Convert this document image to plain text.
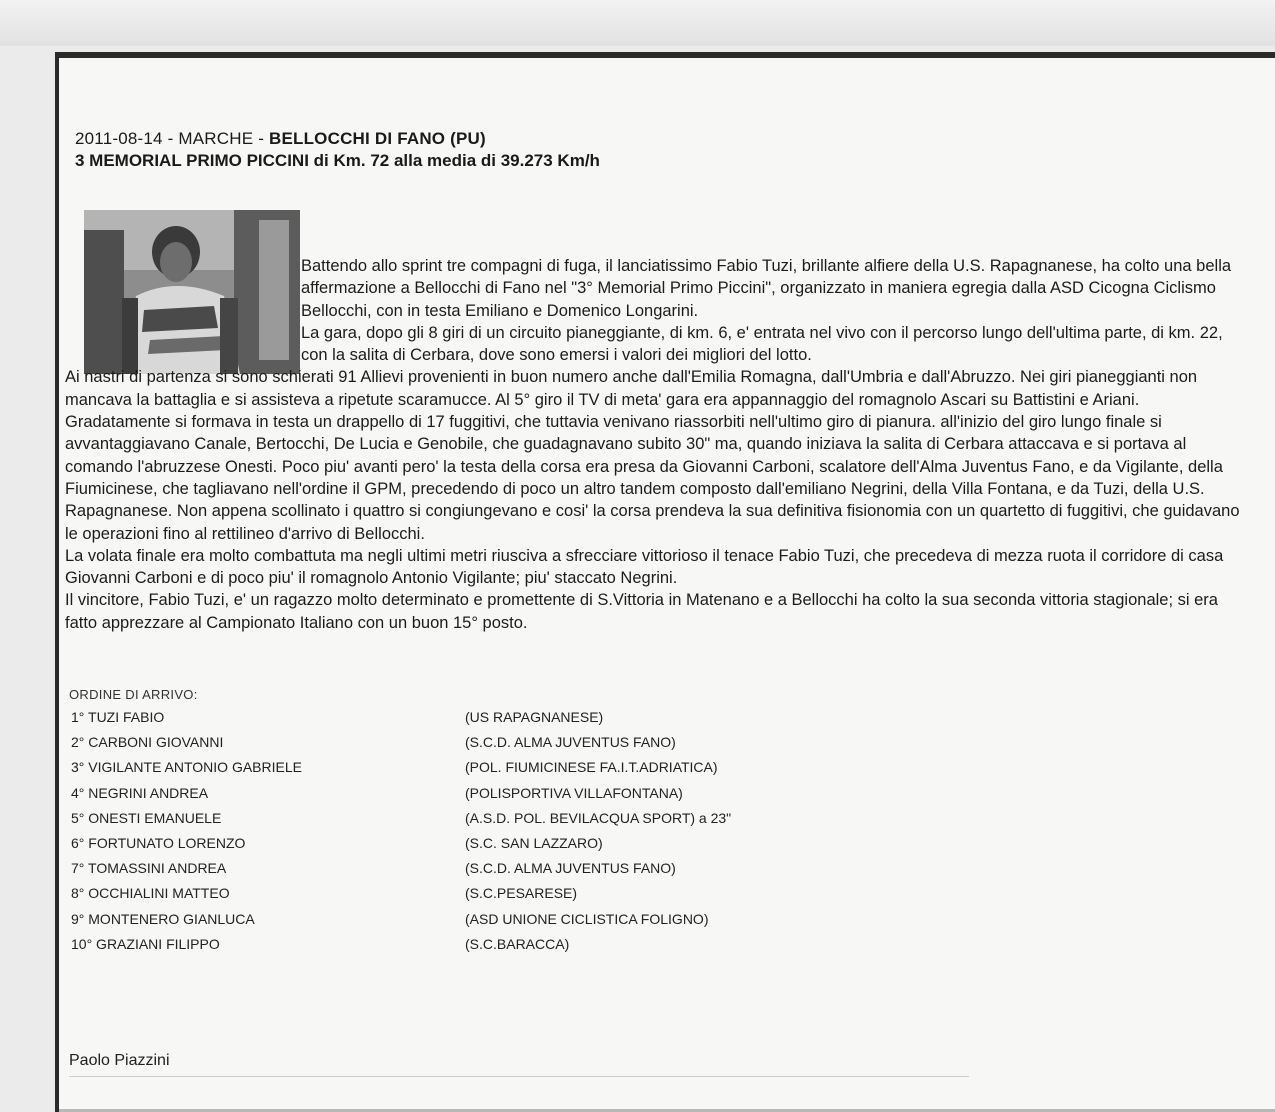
2011-08-14 - MARCHE - BELLOCCHI DI FANO (PU)
3 MEMORIAL PRIMO PICCINI di Km. 72 alla media di 39.273 Km/h

Battendo allo sprint tre compagni di fuga, il lanciatissimo Fabio Tuzi, brillante alfiere della U.S. Rapagnanese, ha colto una bella affermazione a Bellocchi di Fano nel "3° Memorial Primo Piccini", organizzato in maniera egregia dalla ASD Cicogna Ciclismo Bellocchi, con in testa Emiliano e Domenico Longarini.

La gara, dopo gli 8 giri di un circuito pianeggiante, di km. 6, e' entrata nel vivo con il percorso lungo dell'ultima parte, di km. 22, con la salita di Cerbara, dove sono emersi i valori dei migliori del lotto.

Ai nastri di partenza si sono schierati 91 Allievi provenienti in buon numero anche dall'Emilia Romagna, dall'Umbria e dall'Abruzzo. Nei giri pianeggianti non mancava la battaglia e si assisteva a ripetute scaramucce. Al 5° giro il TV di meta' gara era appannaggio del romagnolo Ascari su Battistini e Ariani. Gradatamente si formava in testa un drappello di 17 fuggitivi, che tuttavia venivano riassorbiti nell'ultimo giro di pianura. all'inizio del giro lungo finale si avvantaggiavano Canale, Bertocchi, De Lucia e Genobile, che guadagnavano subito 30" ma, quando iniziava la salita di Cerbara attaccava e si portava al comando l'abruzzese Onesti. Poco piu' avanti pero' la testa della corsa era presa da Giovanni Carboni, scalatore dell'Alma Juventus Fano, e da Vigilante, della Fiumicinese, che tagliavano nell'ordine il GPM, precedendo di poco un altro tandem composto dall'emiliano Negrini, della Villa Fontana, e da Tuzi, della U.S. Rapagnanese. Non appena scollinato i quattro si congiungevano e cosi' la corsa prendeva la sua definitiva fisionomia con un quartetto di fuggitivi, che guidavano le operazioni fino al rettilineo d'arrivo di Bellocchi.

La volata finale era molto combattuta ma negli ultimi metri riusciva a sfrecciare vittorioso il tenace Fabio Tuzi, che precedeva di mezza ruota il corridore di casa Giovanni Carboni e di poco piu' il romagnolo Antonio Vigilante; piu' staccato Negrini.

Il vincitore, Fabio Tuzi, e' un ragazzo molto determinato e promettente di S.Vittoria in Matenano e a Bellocchi ha colto la sua seconda vittoria stagionale; si era fatto apprezzare al Campionato Italiano con un buon 15° posto.

ORDINE DI ARRIVO:
1° TUZI FABIO	(US RAPAGNANESE)
2° CARBONI GIOVANNI	(S.C.D. ALMA JUVENTUS FANO)
3° VIGILANTE ANTONIO GABRIELE	(POL. FIUMICINESE FA.I.T.ADRIATICA)
4° NEGRINI ANDREA	(POLISPORTIVA VILLAFONTANA)
5° ONESTI EMANUELE	(A.S.D. POL. BEVILACQUA SPORT) a 23"
6° FORTUNATO LORENZO	(S.C. SAN LAZZARO)
7° TOMASSINI ANDREA	(S.C.D. ALMA JUVENTUS FANO)
8° OCCHIALINI MATTEO	(S.C.PESARESE)
9° MONTENERO GIANLUCA	(ASD UNIONE CICLISTICA FOLIGNO)
10° GRAZIANI FILIPPO	(S.C.BARACCA)
Paolo Piazzini
